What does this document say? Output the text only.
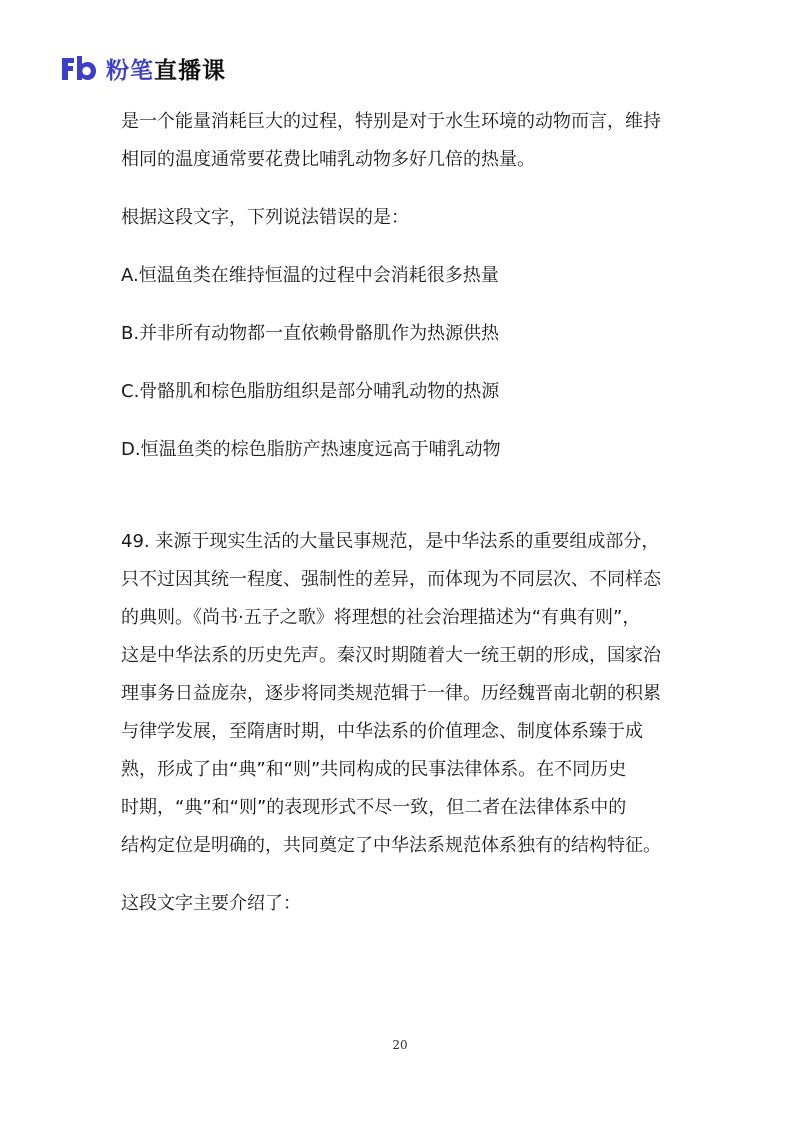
粉笔 直播课

是一个能量消耗巨大的过程，特别是对于水生环境的动物而言，维持

相同的温度通常要花费比哺乳动物多好几倍的热量。

根据这段文字，下列说法错误的是：

A.恒温鱼类在维持恒温的过程中会消耗很多热量

B.并非所有动物都一直依赖骨骼肌作为热源供热

C.骨骼肌和棕色脂肪组织是部分哺乳动物的热源

D.恒温鱼类的棕色脂肪产热速度远高于哺乳动物

49. 来源于现实生活的大量民事规范，是中华法系的重要组成部分，

只不过因其统一程度、强制性的差异，而体现为不同层次、不同样态

的典则。《尚书·五子之歌》将理想的社会治理描述为“有典有则”，

这是中华法系的历史先声。秦汉时期随着大一统王朝的形成，国家治

理事务日益庞杂，逐步将同类规范辑于一律。历经魏晋南北朝的积累

与律学发展，至隋唐时期，中华法系的价值理念、制度体系臻于成

熟，形成了由“典”和“则”共同构成的民事法律体系。在不同历史

时期，“典”和“则”的表现形式不尽一致，但二者在法律体系中的

结构定位是明确的，共同奠定了中华法系规范体系独有的结构特征。

这段文字主要介绍了：

20
